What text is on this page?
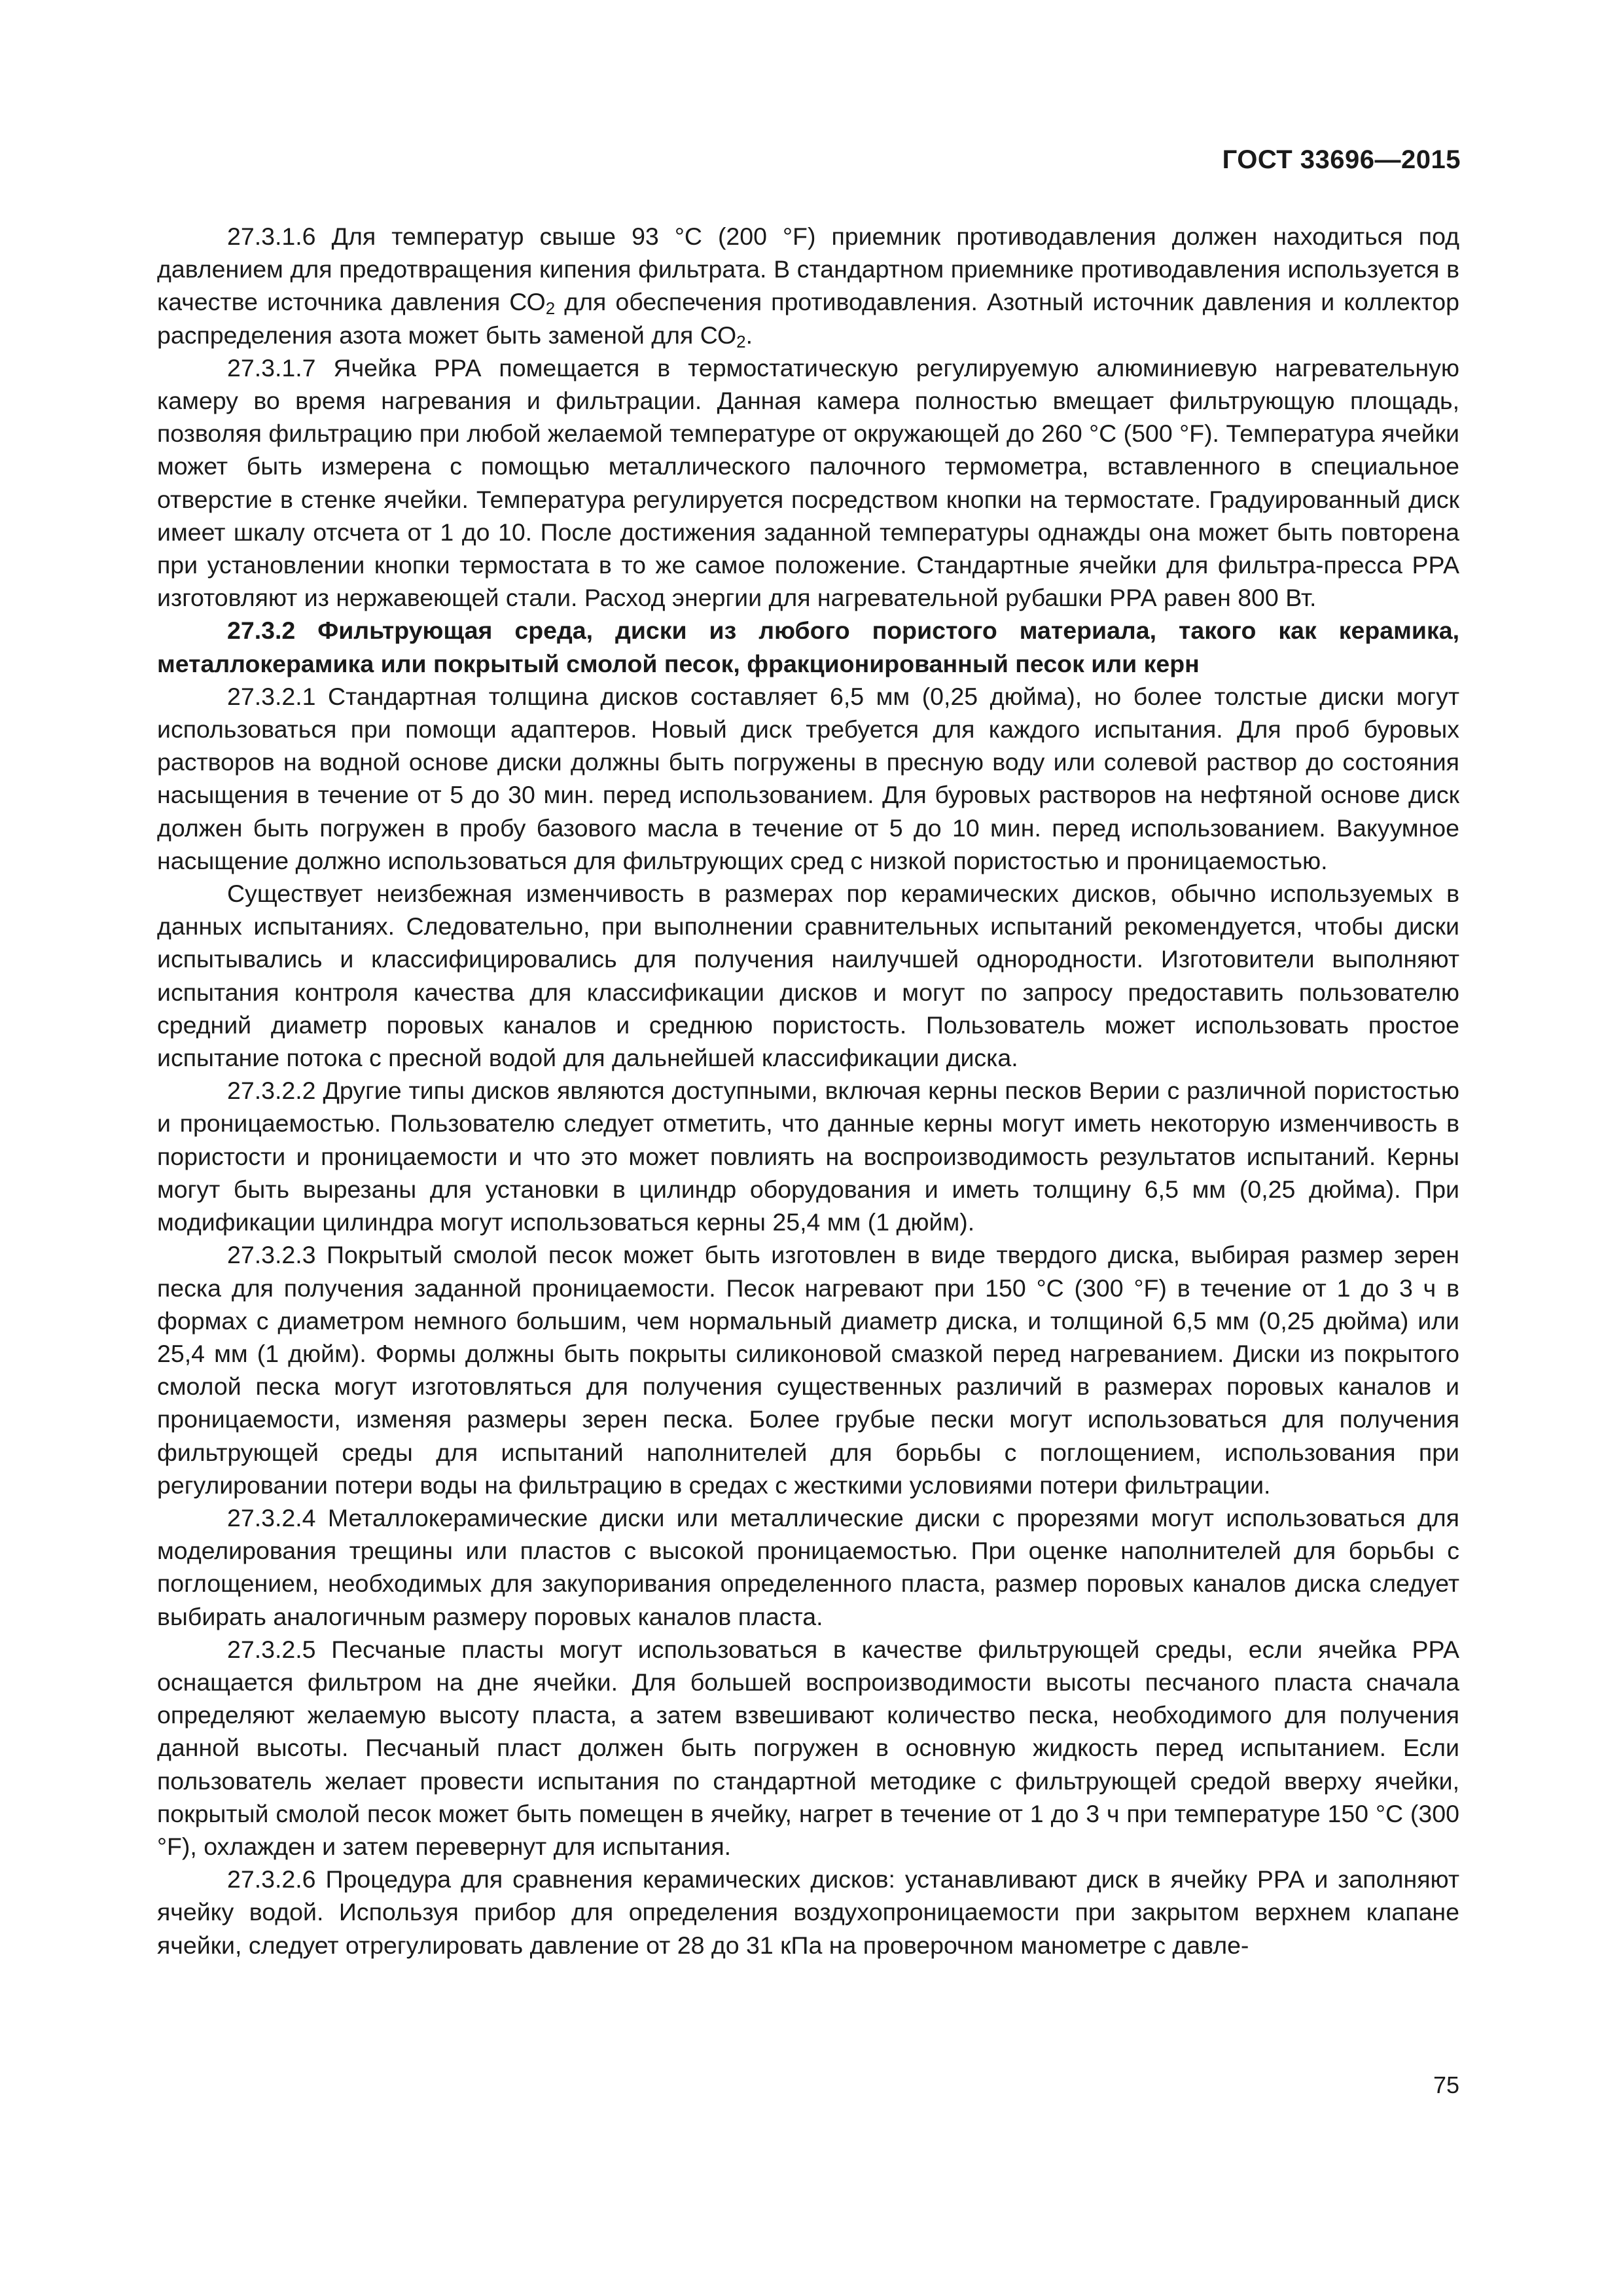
ГОСТ 33696—2015

27.3.1.6 Для температур свыше 93 °С (200 °F) приемник противодавления должен находиться под давлением для предотвращения кипения фильтрата. В стандартном приемнике противодавления используется в качестве источника давления $СО_2$ для обеспечения противодавления. Азотный источник давления и коллектор распределения азота может быть заменой для $СО_2$.

27.3.1.7 Ячейка РРА помещается в термостатическую регулируемую алюминиевую нагревательную камеру во время нагревания и фильтрации. Данная камера полностью вмещает фильтрующую площадь, позволяя фильтрацию при любой желаемой температуре от окружающей до 260 °С (500 °F). Температура ячейки может быть измерена с помощью металлического палочного термометра, вставленного в специальное отверстие в стенке ячейки. Температура регулируется посредством кнопки на термостате. Градуированный диск имеет шкалу отсчета от 1 до 10. После достижения заданной температуры однажды она может быть повторена при установлении кнопки термостата в то же самое положение. Стандартные ячейки для фильтра-пресса РРА изготовляют из нержавеющей стали. Расход энергии для нагревательной рубашки РРА равен 800 Вт.

27.3.2 Фильтрующая среда, диски из любого пористого материала, такого как керамика, металлокерамика или покрытый смолой песок, фракционированный песок или керн

27.3.2.1 Стандартная толщина дисков составляет 6,5 мм (0,25 дюйма), но более толстые диски могут использоваться при помощи адаптеров. Новый диск требуется для каждого испытания. Для проб буровых растворов на водной основе диски должны быть погружены в пресную воду или солевой раствор до состояния насыщения в течение от 5 до 30 мин. перед использованием. Для буровых растворов на нефтяной основе диск должен быть погружен в пробу базового масла в течение от 5 до 10 мин. перед использованием. Вакуумное насыщение должно использоваться для фильтрующих сред с низкой пористостью и проницаемостью.

Существует неизбежная изменчивость в размерах пор керамических дисков, обычно используемых в данных испытаниях. Следовательно, при выполнении сравнительных испытаний рекомендуется, чтобы диски испытывались и классифицировались для получения наилучшей однородности. Изготовители выполняют испытания контроля качества для классификации дисков и могут по запросу предоставить пользователю средний диаметр поровых каналов и среднюю пористость. Пользователь может использовать простое испытание потока с пресной водой для дальнейшей классификации диска.

27.3.2.2 Другие типы дисков являются доступными, включая керны песков Верии с различной пористостью и проницаемостью. Пользователю следует отметить, что данные керны могут иметь некоторую изменчивость в пористости и проницаемости и что это может повлиять на воспроизводимость результатов испытаний. Керны могут быть вырезаны для установки в цилиндр оборудования и иметь толщину 6,5 мм (0,25 дюйма). При модификации цилиндра могут использоваться керны 25,4 мм (1 дюйм).

27.3.2.3 Покрытый смолой песок может быть изготовлен в виде твердого диска, выбирая размер зерен песка для получения заданной проницаемости. Песок нагревают при 150 °С (300 °F) в течение от 1 до 3 ч в формах с диаметром немного большим, чем нормальный диаметр диска, и толщиной 6,5 мм (0,25 дюйма) или 25,4 мм (1 дюйм). Формы должны быть покрыты силиконовой смазкой перед нагреванием. Диски из покрытого смолой песка могут изготовляться для получения существенных различий в размерах поровых каналов и проницаемости, изменяя размеры зерен песка. Более грубые пески могут использоваться для получения фильтрующей среды для испытаний наполнителей для борьбы с поглощением, использования при регулировании потери воды на фильтрацию в средах с жесткими условиями потери фильтрации.

27.3.2.4 Металлокерамические диски или металлические диски с прорезями могут использоваться для моделирования трещины или пластов с высокой проницаемостью. При оценке наполнителей для борьбы с поглощением, необходимых для закупоривания определенного пласта, размер поровых каналов диска следует выбирать аналогичным размеру поровых каналов пласта.

27.3.2.5 Песчаные пласты могут использоваться в качестве фильтрующей среды, если ячейка РРА оснащается фильтром на дне ячейки. Для большей воспроизводимости высоты песчаного пласта сначала определяют желаемую высоту пласта, а затем взвешивают количество песка, необходимого для получения данной высоты. Песчаный пласт должен быть погружен в основную жидкость перед испытанием. Если пользователь желает провести испытания по стандартной методике с фильтрующей средой вверху ячейки, покрытый смолой песок может быть помещен в ячейку, нагрет в течение от 1 до 3 ч при температуре 150 °С (300 °F), охлажден и затем перевернут для испытания.

27.3.2.6 Процедура для сравнения керамических дисков: устанавливают диск в ячейку РРА и заполняют ячейку водой. Используя прибор для определения воздухопроницаемости при закрытом верхнем клапане ячейки, следует отрегулировать давление от 28 до 31 кПа на проверочном манометре с давле-

75
